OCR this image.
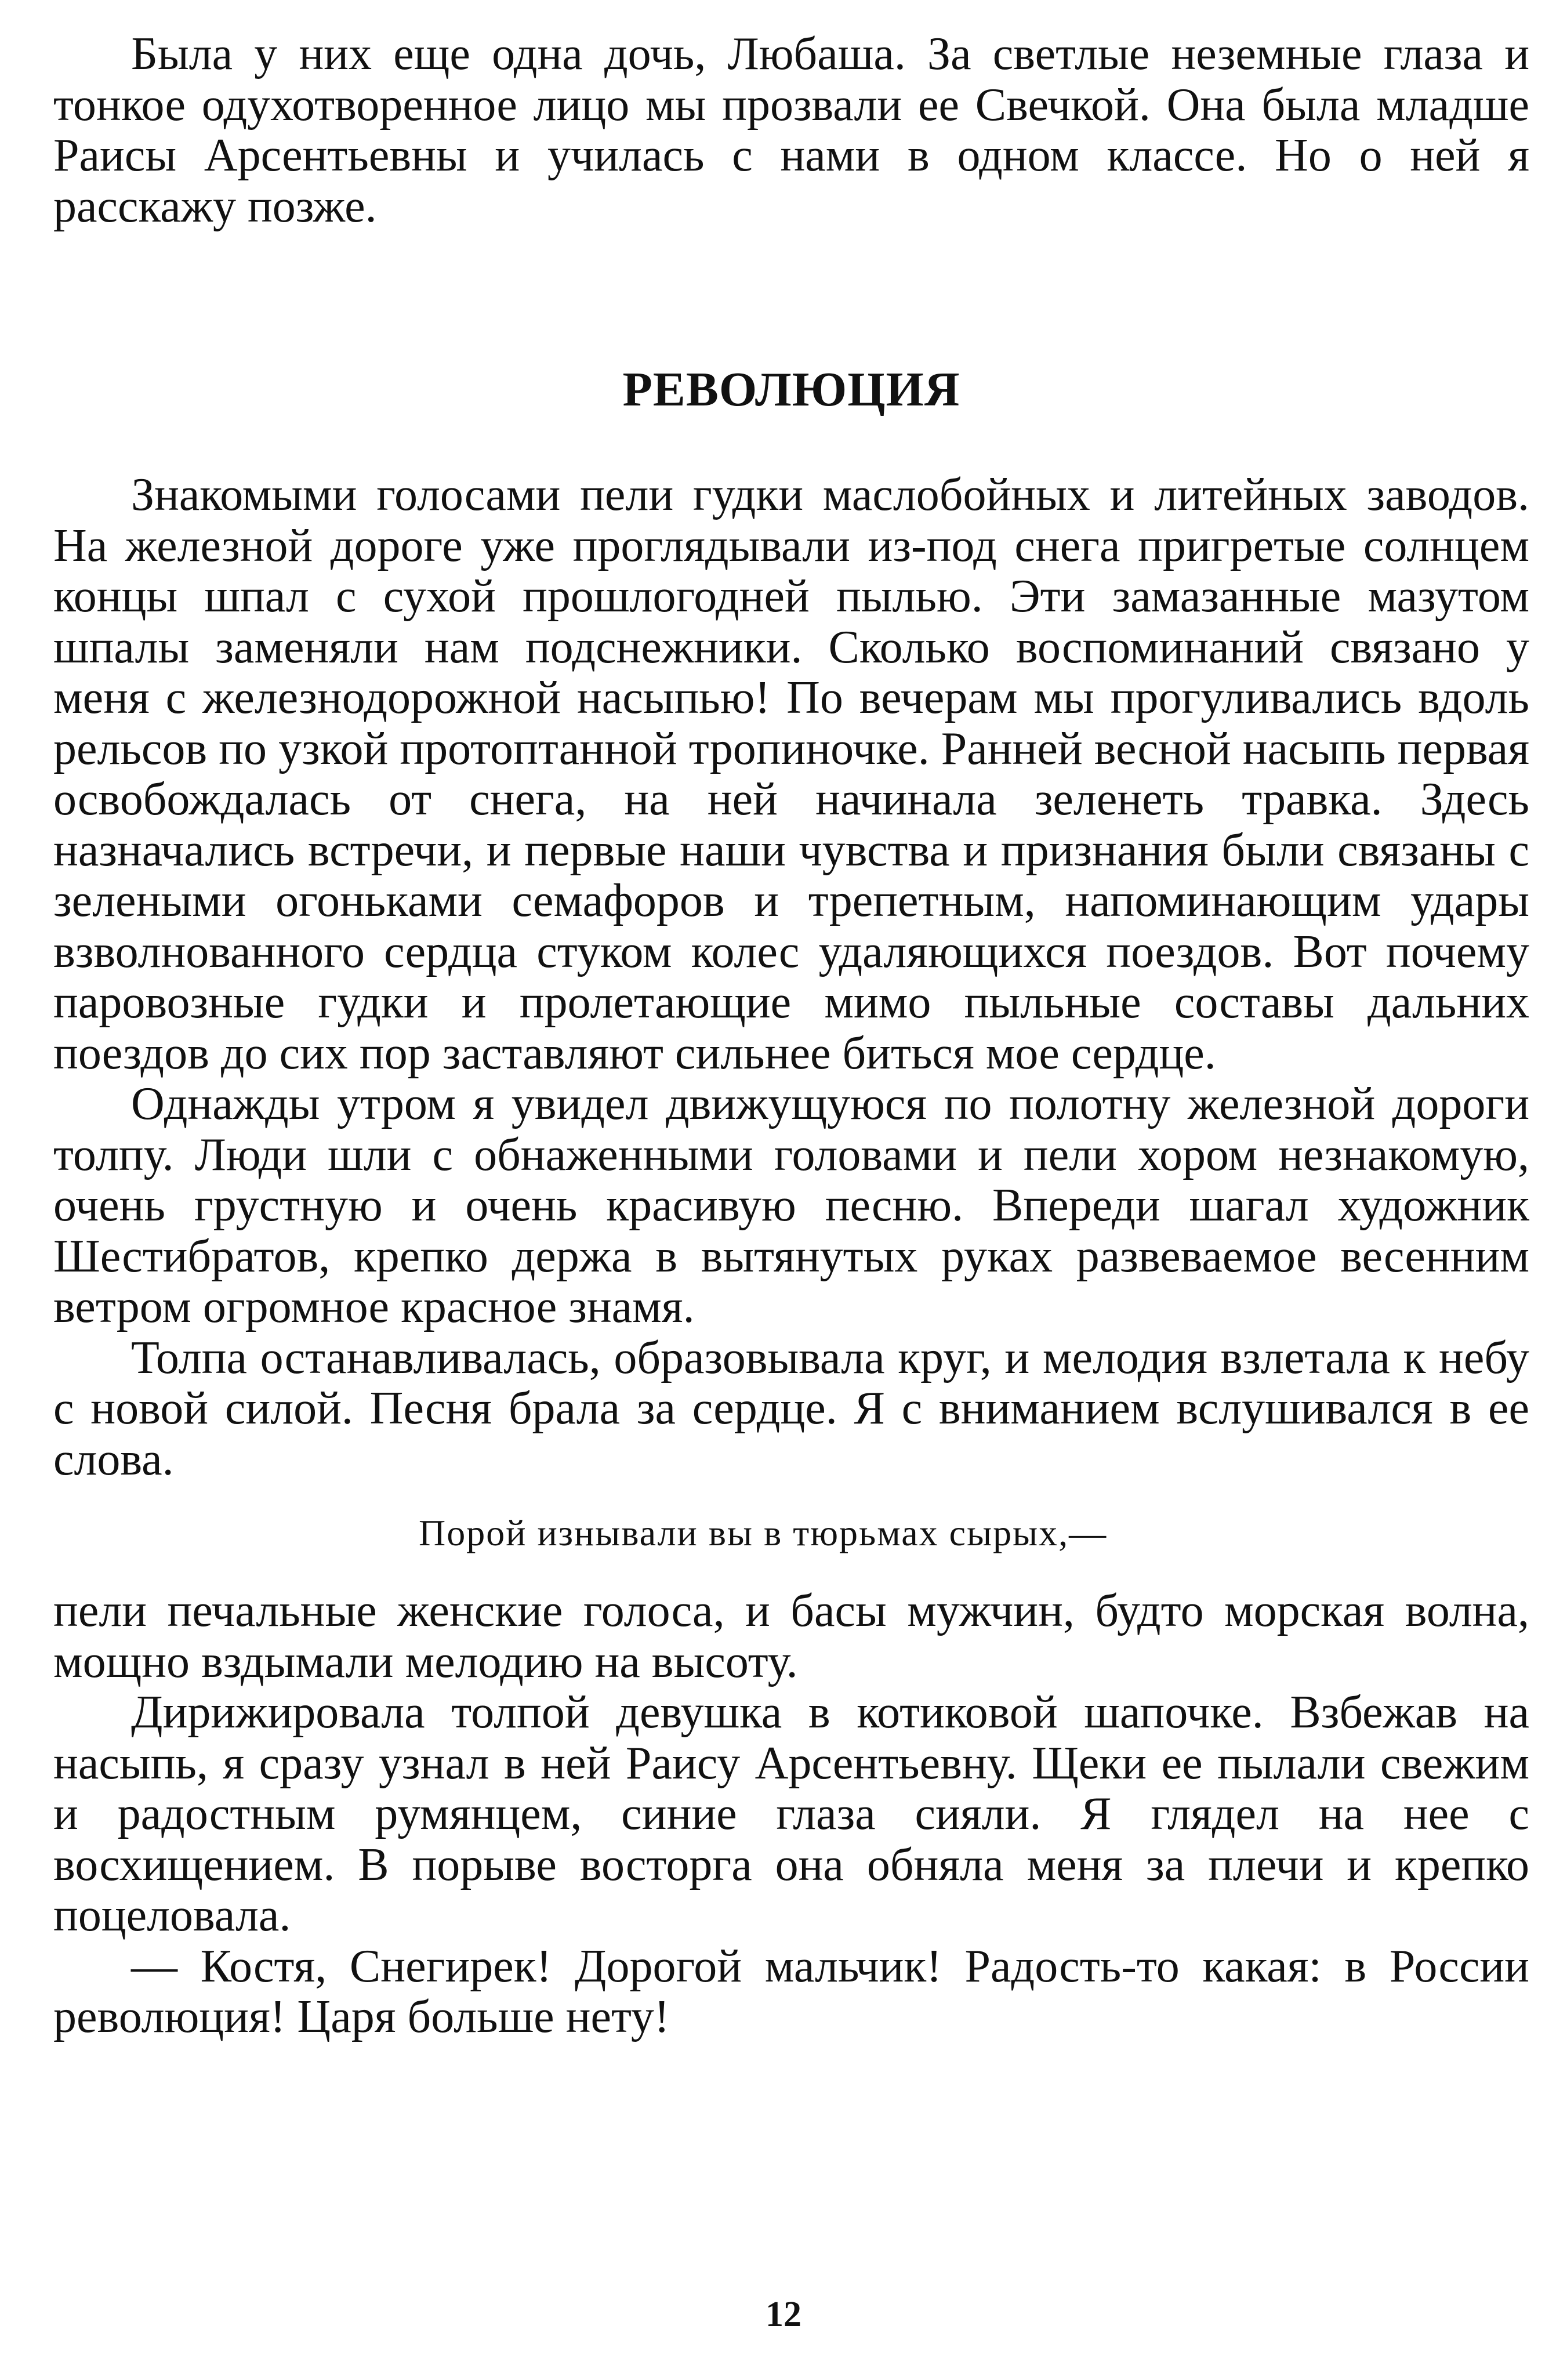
Была у них еще одна дочь, Любаша. За светлые неземные глаза и тонкое одухотворенное лицо мы прозвали ее Свечкой. Она была младше Раисы Арсентьевны и училась с нами в одном классе. Но о ней я расскажу позже.

РЕВОЛЮЦИЯ

Знакомыми голосами пели гудки маслобойных и литейных заводов. На железной дороге уже проглядывали из-под снега пригретые солнцем концы шпал с сухой прошлогодней пылью. Эти замазанные мазутом шпалы заменяли нам подснежники. Сколько воспоминаний связано у меня с железнодорожной насыпью! По вечерам мы прогуливались вдоль рельсов по узкой протоптанной тропиночке. Ранней весной насыпь первая освобождалась от снега, на ней начинала зеленеть травка. Здесь назначались встречи, и первые наши чувства и признания были связаны с зелеными огоньками семафоров и трепетным, напоминающим удары взволнованного сердца стуком колес удаляющихся поездов. Вот почему паровозные гудки и пролетающие мимо пыльные составы дальних поездов до сих пор заставляют сильнее биться мое сердце.

Однажды утром я увидел движущуюся по полотну железной дороги толпу. Люди шли с обнаженными головами и пели хором незнакомую, очень грустную и очень красивую песню. Впереди шагал художник Шестибратов, крепко держа в вытянутых руках развеваемое весенним ветром огромное красное знамя.

Толпа останавливалась, образовывала круг, и мелодия взлетала к небу с новой силой. Песня брала за сердце. Я с вниманием вслушивался в ее слова.

Порой изнывали вы в тюрьмах сырых,—

пели печальные женские голоса, и басы мужчин, будто морская волна, мощно вздымали мелодию на высоту.

Дирижировала толпой девушка в котиковой шапочке. Взбежав на насыпь, я сразу узнал в ней Раису Арсентьевну. Щеки ее пылали свежим и радостным румянцем, синие глаза сияли. Я глядел на нее с восхищением. В порыве восторга она обняла меня за плечи и крепко поцеловала.

— Костя, Снегирек! Дорогой мальчик! Радость-то какая: в России революция! Царя больше нету!

12
